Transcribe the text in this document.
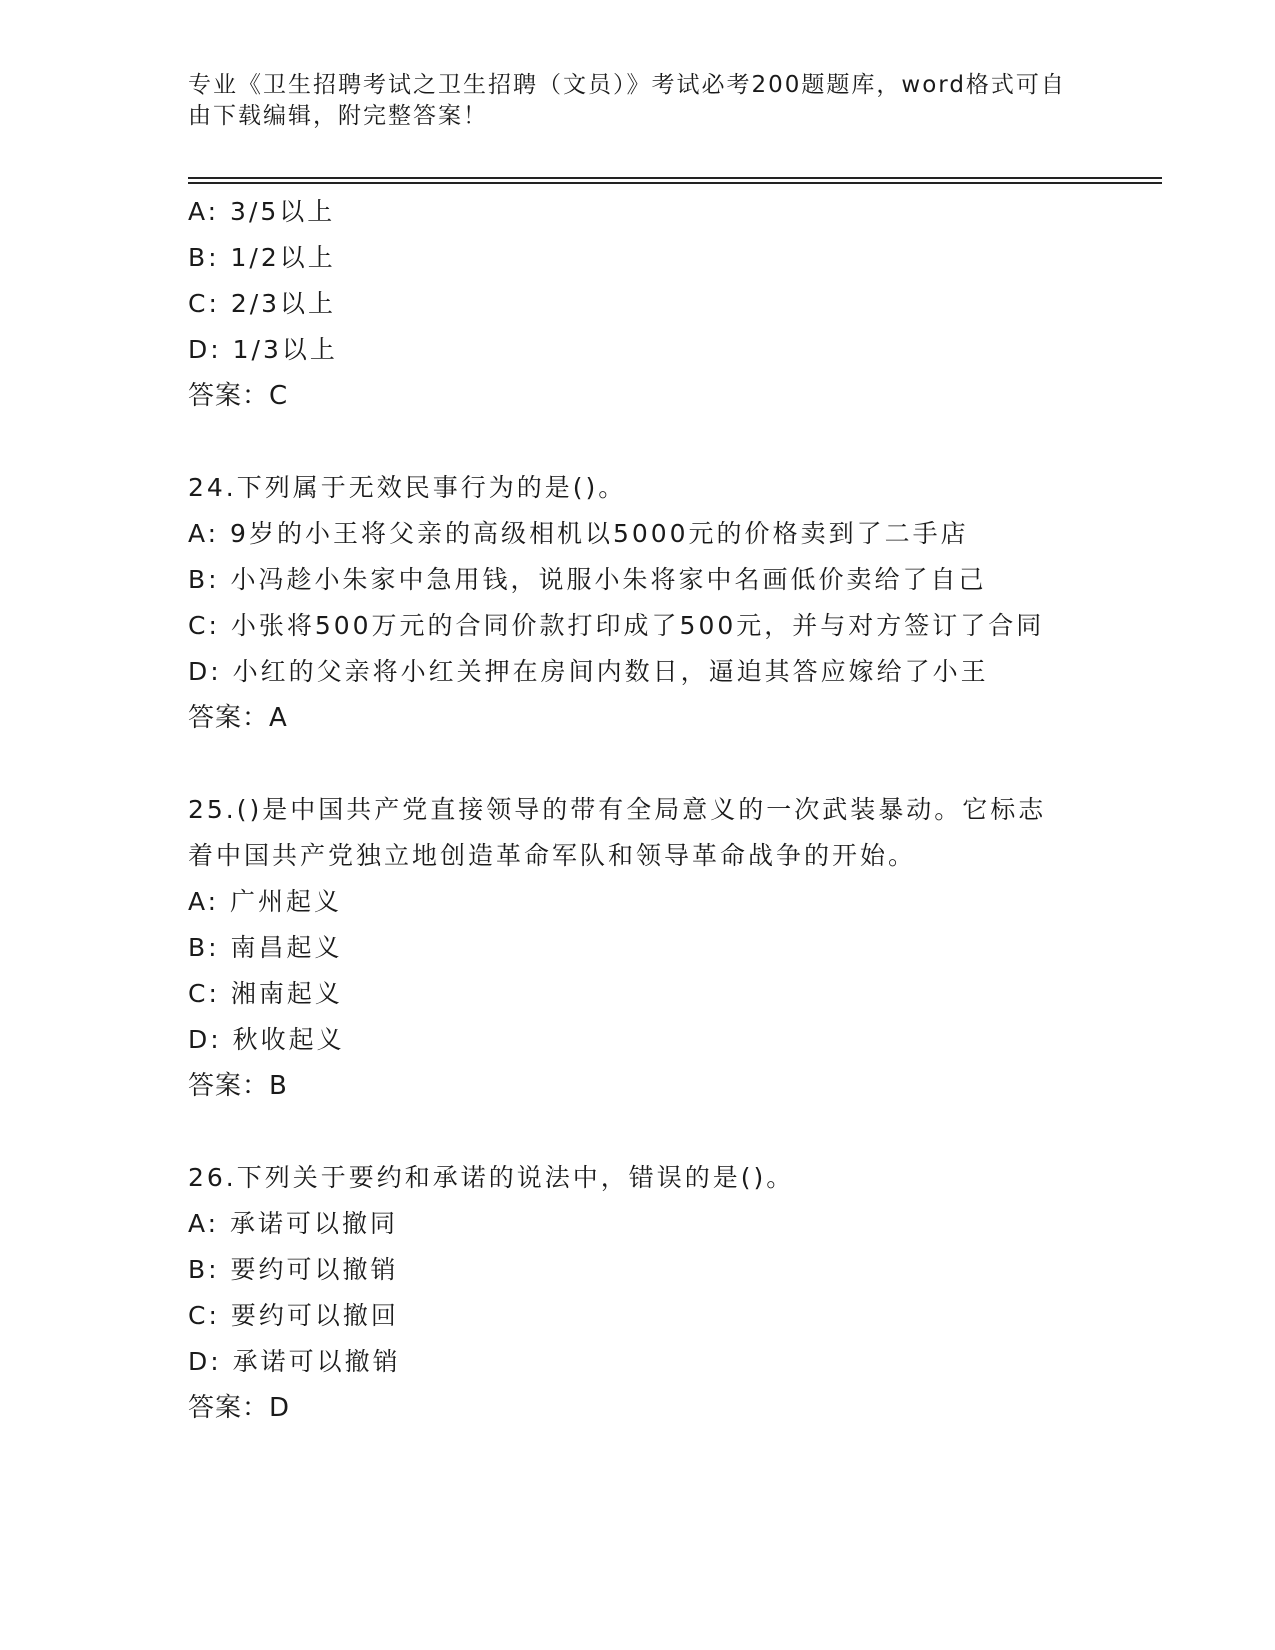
专业《卫生招聘考试之卫生招聘（文员）》考试必考200题题库，word格式可自
由下载编辑，附完整答案！
A: 3/5以上
B: 1/2以上
C: 2/3以上
D: 1/3以上
答案：C
24.下列属于无效民事行为的是()。
A: 9岁的小王将父亲的高级相机以5000元的价格卖到了二手店
B: 小冯趁小朱家中急用钱，说服小朱将家中名画低价卖给了自己
C: 小张将500万元的合同价款打印成了500元，并与对方签订了合同
D: 小红的父亲将小红关押在房间内数日，逼迫其答应嫁给了小王
答案：A
25.()是中国共产党直接领导的带有全局意义的一次武装暴动。它标志
着中国共产党独立地创造革命军队和领导革命战争的开始。
A: 广州起义
B: 南昌起义
C: 湘南起义
D: 秋收起义
答案：B
26.下列关于要约和承诺的说法中，错误的是()。
A: 承诺可以撤同
B: 要约可以撤销
C: 要约可以撤回
D: 承诺可以撤销
答案：D
